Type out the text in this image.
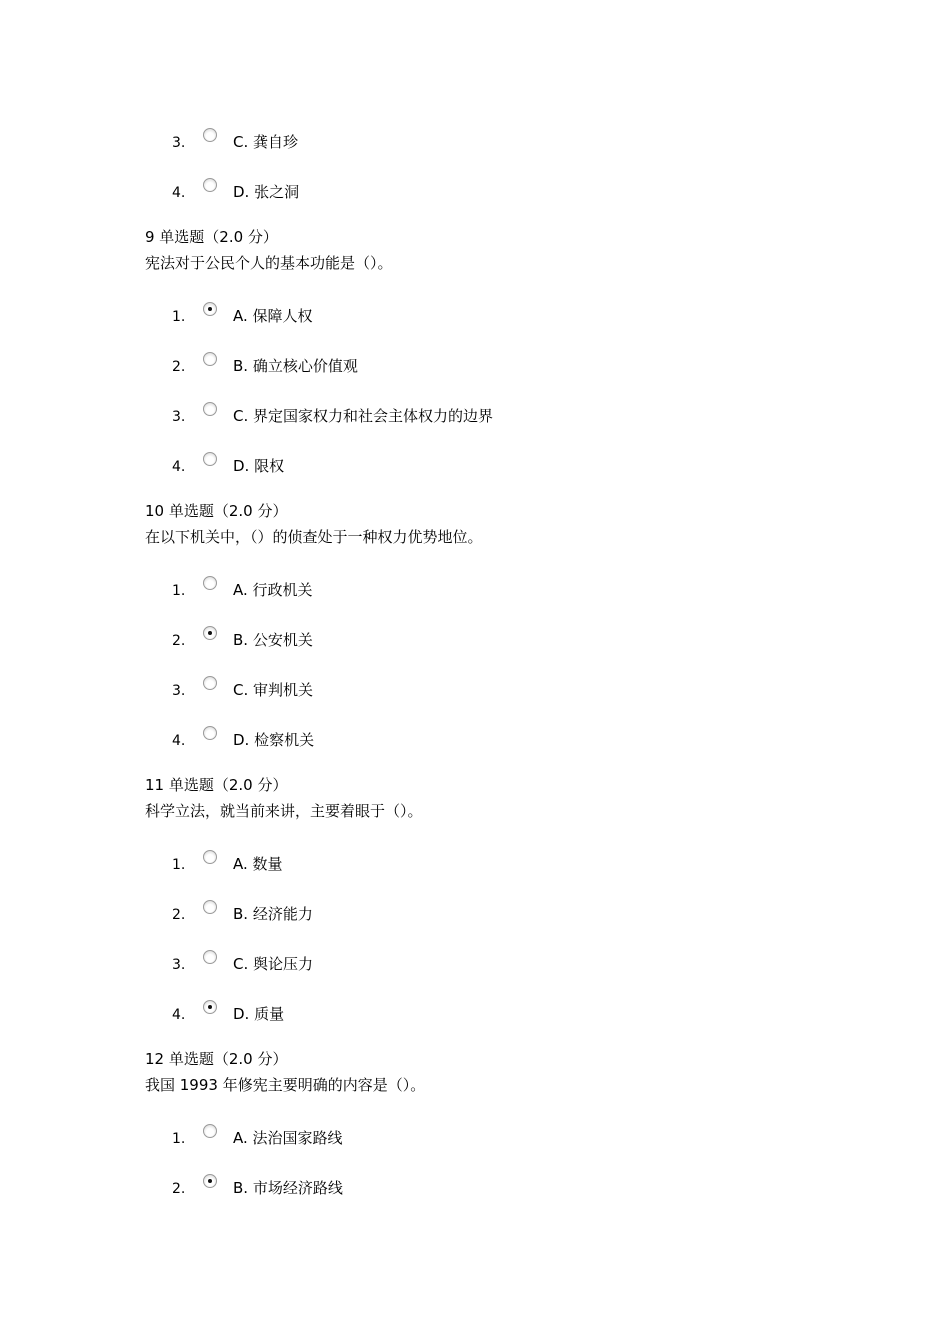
3.	C. 龚自珍
4.	D. 张之洞
9 单选题（2.0 分）
宪法对于公民个人的基本功能是（）。
1.	A. 保障人权
2.	B. 确立核心价值观
3.	C. 界定国家权力和社会主体权力的边界
4.	D. 限权
10 单选题（2.0 分）
在以下机关中，（）的侦查处于一种权力优势地位。
1.	A. 行政机关
2.	B. 公安机关
3.	C. 审判机关
4.	D. 检察机关
11 单选题（2.0 分）
科学立法，就当前来讲，主要着眼于（）。
1.	A. 数量
2.	B. 经济能力
3.	C. 舆论压力
4.	D. 质量
12 单选题（2.0 分）
我国 1993 年修宪主要明确的内容是（）。
1.	A. 法治国家路线
2.	B. 市场经济路线
